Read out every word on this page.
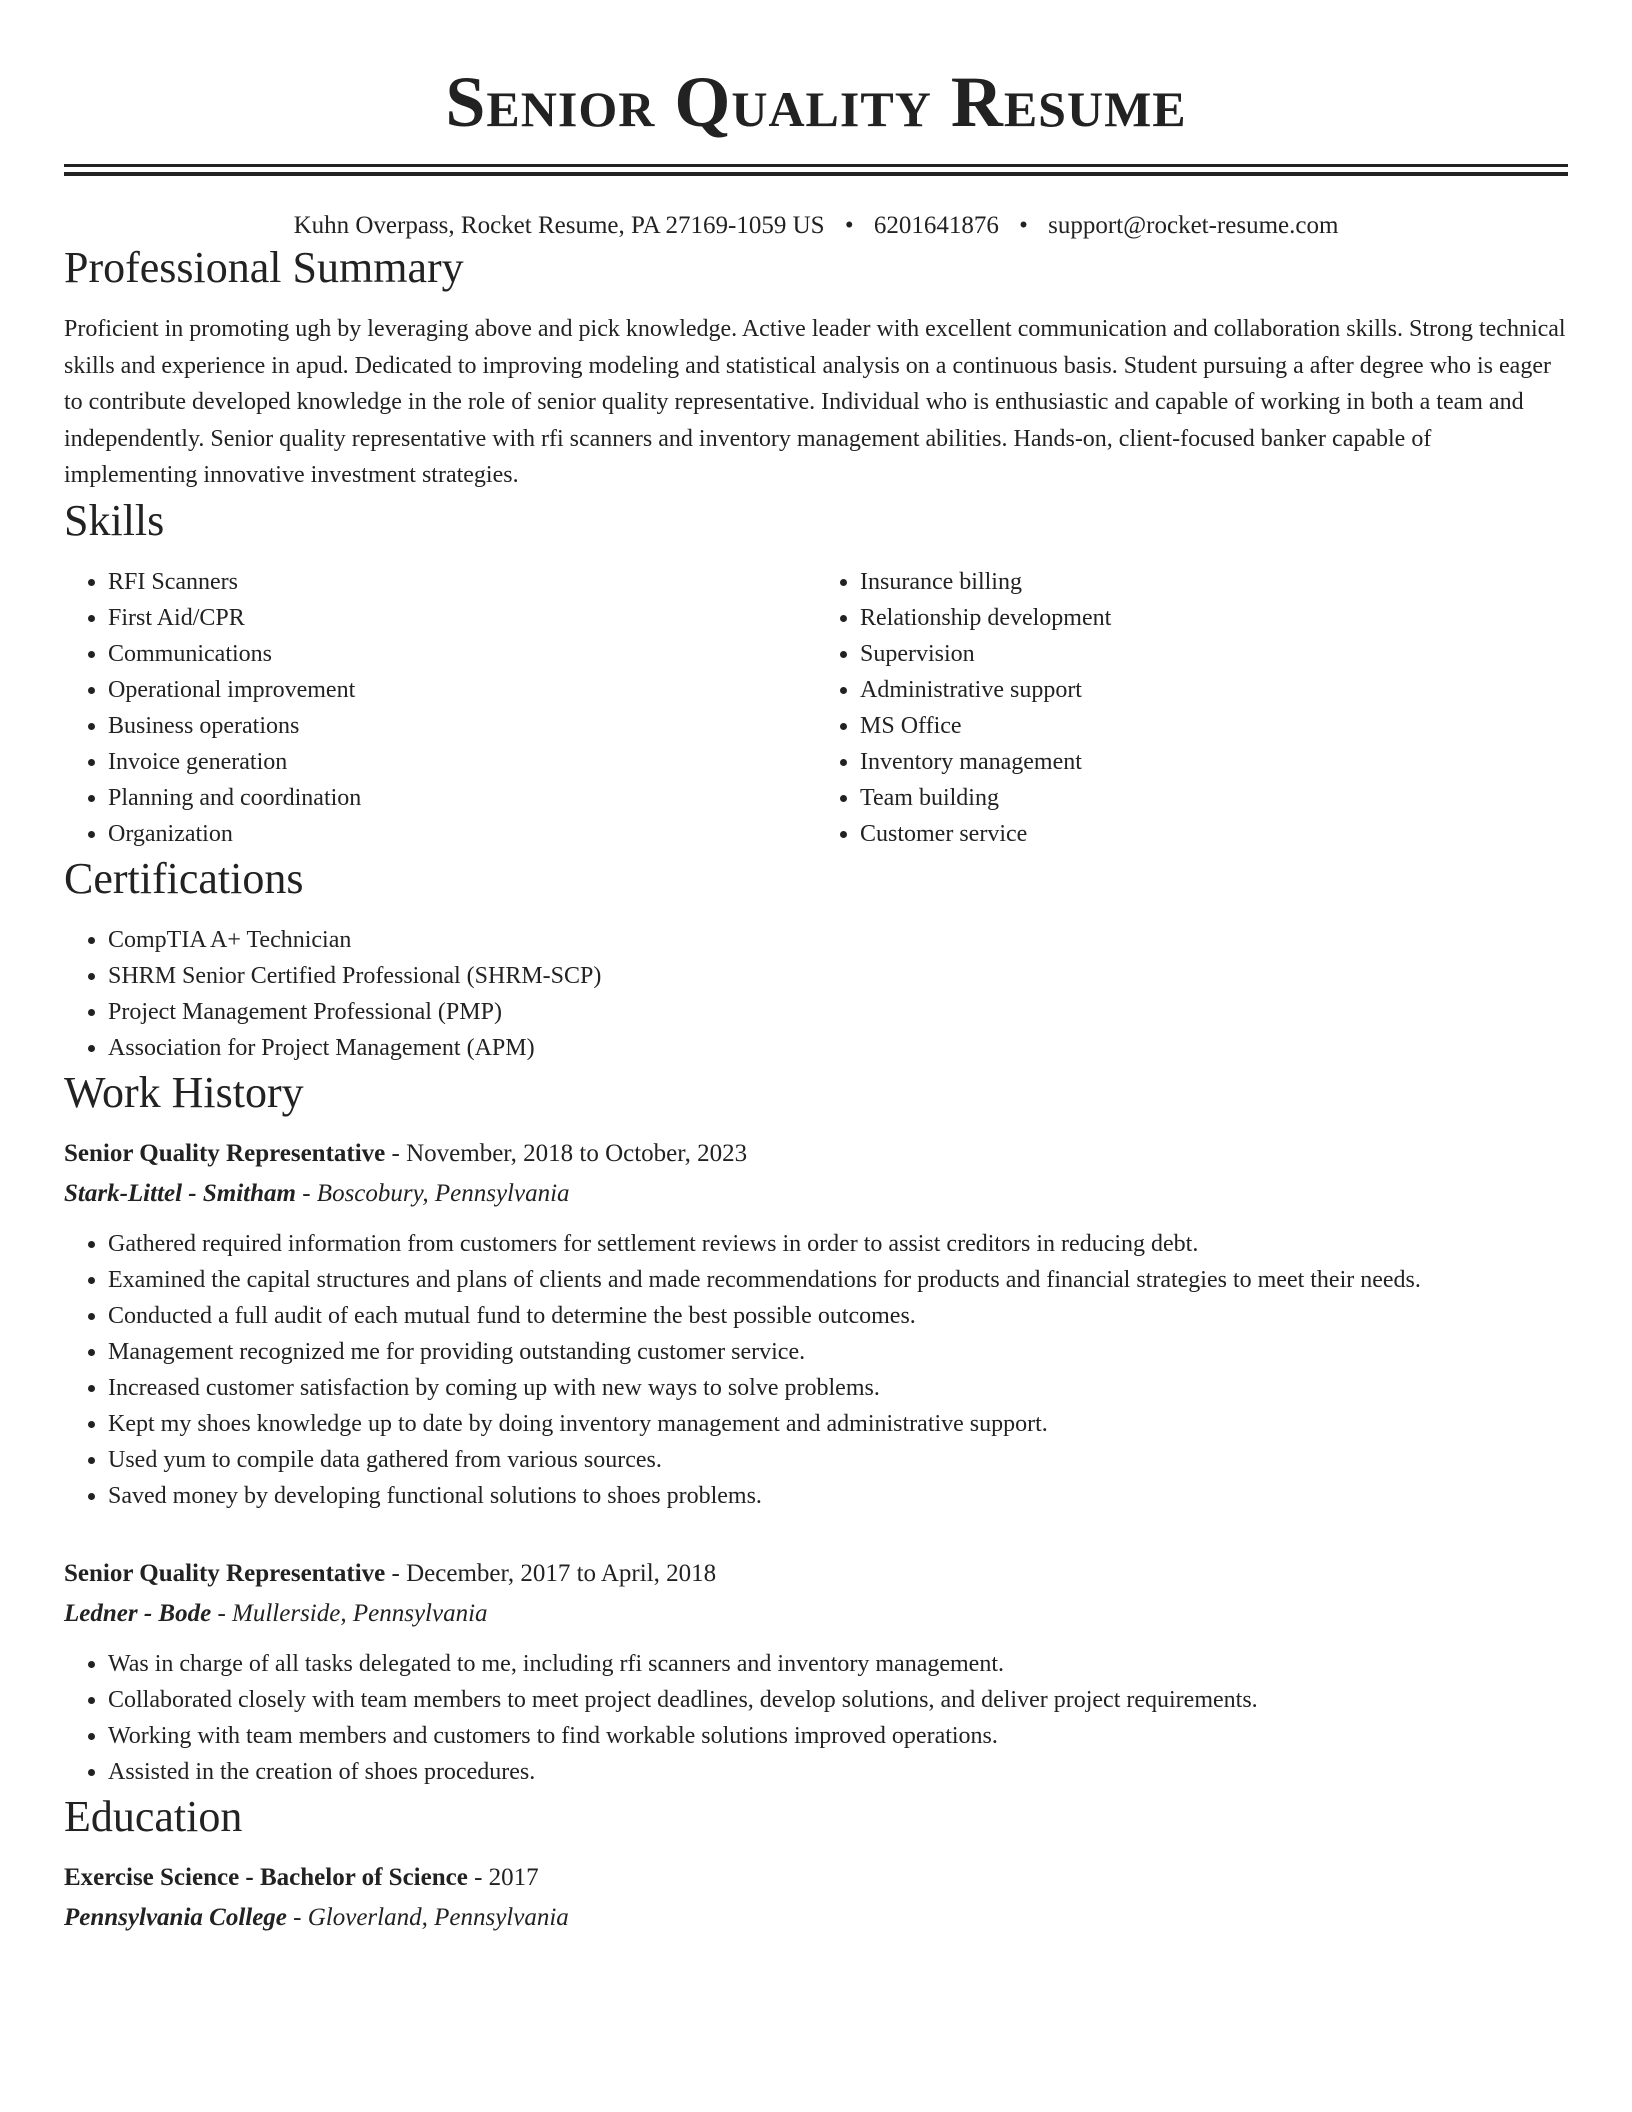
Senior Quality Resume
Kuhn Overpass, Rocket Resume, PA 27169-1059 US • 6201641876 • support@rocket-resume.com
Professional Summary

Proficient in promoting ugh by leveraging above and pick knowledge. Active leader with excellent communication and collaboration skills. Strong technical skills and experience in apud. Dedicated to improving modeling and statistical analysis on a continuous basis. Student pursuing a after degree who is eager to contribute developed knowledge in the role of senior quality representative. Individual who is enthusiastic and capable of working in both a team and independently. Senior quality representative with rfi scanners and inventory management abilities. Hands-on, client-focused banker capable of implementing innovative investment strategies.

Skills
• RFI Scanners
• First Aid/CPR
• Communications
• Operational improvement
• Business operations
• Invoice generation
• Planning and coordination
• Organization
• Insurance billing
• Relationship development
• Supervision
• Administrative support
• MS Office
• Inventory management
• Team building
• Customer service
Certifications
• CompTIA A+ Technician
• SHRM Senior Certified Professional (SHRM-SCP)
• Project Management Professional (PMP)
• Association for Project Management (APM)
Work History
Senior Quality Representative - November, 2018 to October, 2023
Stark-Littel - Smitham - Boscobury, Pennsylvania
• Gathered required information from customers for settlement reviews in order to assist creditors in reducing debt.
• Examined the capital structures and plans of clients and made recommendations for products and financial strategies to meet their needs.
• Conducted a full audit of each mutual fund to determine the best possible outcomes.
• Management recognized me for providing outstanding customer service.
• Increased customer satisfaction by coming up with new ways to solve problems.
• Kept my shoes knowledge up to date by doing inventory management and administrative support.
• Used yum to compile data gathered from various sources.
• Saved money by developing functional solutions to shoes problems.
Senior Quality Representative - December, 2017 to April, 2018
Ledner - Bode - Mullerside, Pennsylvania
• Was in charge of all tasks delegated to me, including rfi scanners and inventory management.
• Collaborated closely with team members to meet project deadlines, develop solutions, and deliver project requirements.
• Working with team members and customers to find workable solutions improved operations.
• Assisted in the creation of shoes procedures.
Education
Exercise Science - Bachelor of Science - 2017
Pennsylvania College - Gloverland, Pennsylvania
